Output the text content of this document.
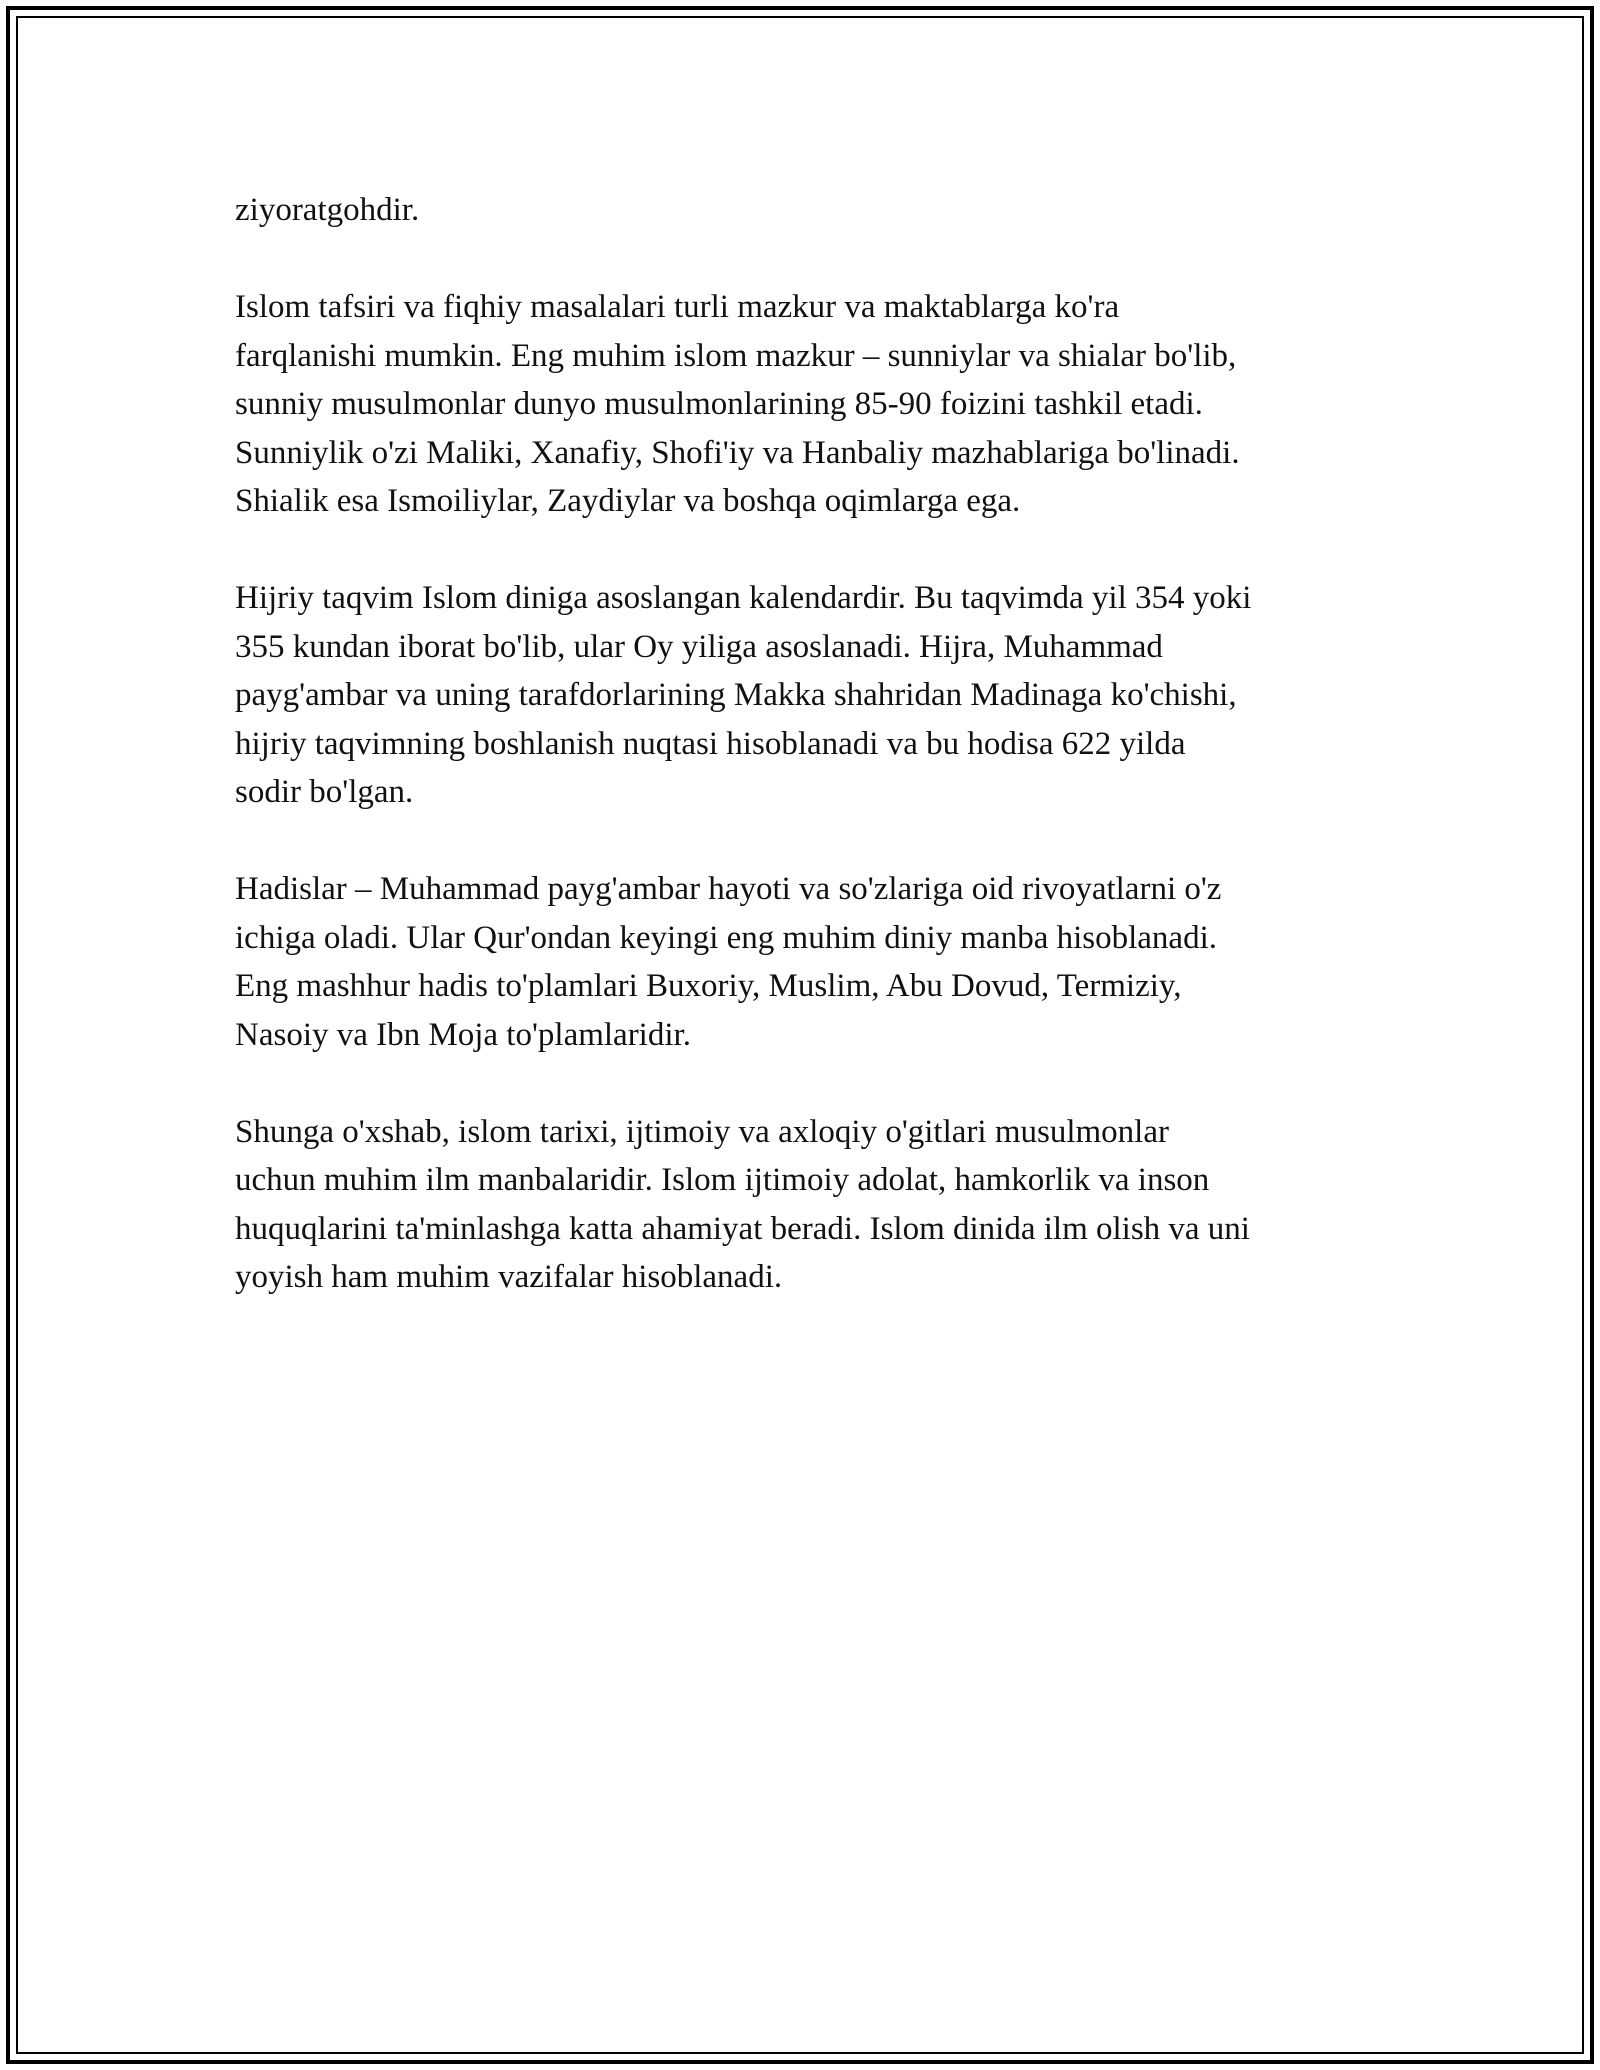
ziyoratgohdir.

Islom tafsiri va fiqhiy masalalari turli mazkur va maktablarga ko'ra
farqlanishi mumkin. Eng muhim islom mazkur – sunniylar va shialar bo'lib,
sunniy musulmonlar dunyo musulmonlarining 85-90 foizini tashkil etadi.
Sunniylik o'zi Maliki, Xanafiy, Shofi'iy va Hanbaliy mazhablariga bo'linadi.
Shialik esa Ismoiliylar, Zaydiylar va boshqa oqimlarga ega.

Hijriy taqvim Islom diniga asoslangan kalendardir. Bu taqvimda yil 354 yoki
355 kundan iborat bo'lib, ular Oy yiliga asoslanadi. Hijra, Muhammad
payg'ambar va uning tarafdorlarining Makka shahridan Madinaga ko'chishi,
hijriy taqvimning boshlanish nuqtasi hisoblanadi va bu hodisa 622 yilda
sodir bo'lgan.

Hadislar – Muhammad payg'ambar hayoti va so'zlariga oid rivoyatlarni o'z
ichiga oladi. Ular Qur'ondan keyingi eng muhim diniy manba hisoblanadi.
Eng mashhur hadis to'plamlari Buxoriy, Muslim, Abu Dovud, Termiziy,
Nasoiy va Ibn Moja to'plamlaridir.

Shunga o'xshab, islom tarixi, ijtimoiy va axloqiy o'gitlari musulmonlar
uchun muhim ilm manbalaridir. Islom ijtimoiy adolat, hamkorlik va inson
huquqlarini ta'minlashga katta ahamiyat beradi. Islom dinida ilm olish va uni
yoyish ham muhim vazifalar hisoblanadi.
